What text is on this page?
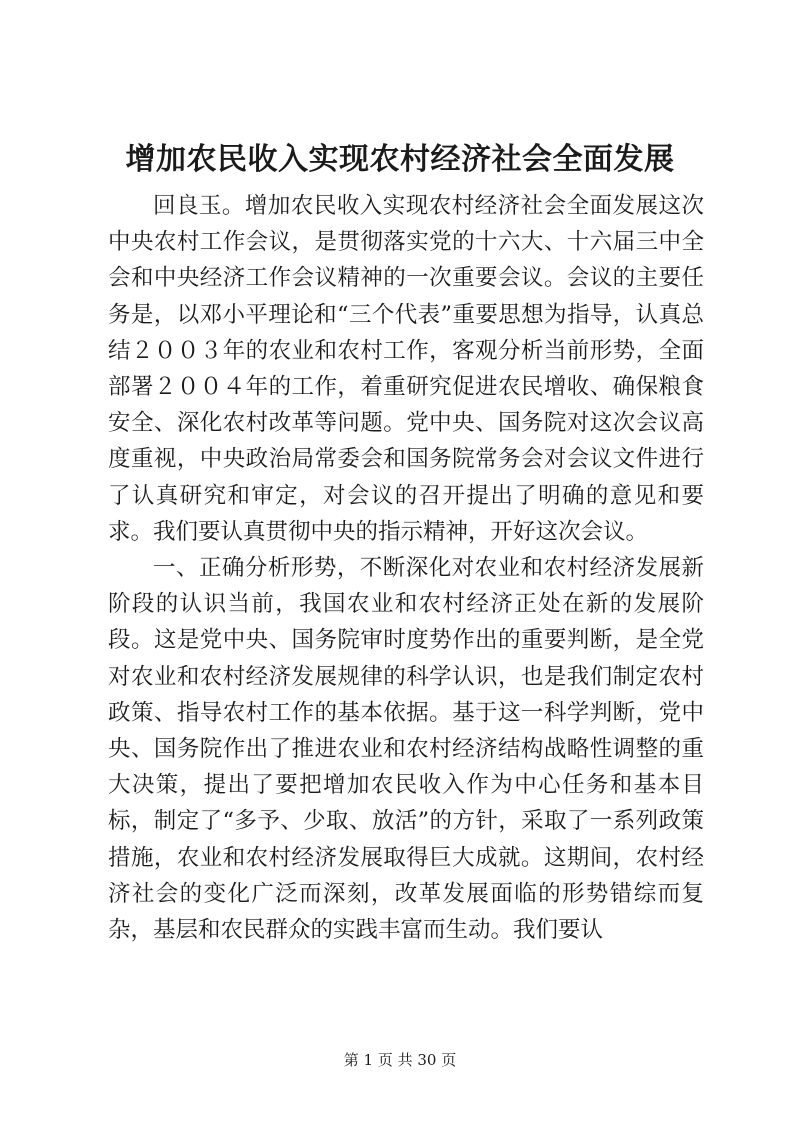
增加农民收入实现农村经济社会全面发展

回良玉。增加农民收入实现农村经济社会全面发展这次中央农村工作会议，是贯彻落实党的十六大、十六届三中全会和中央经济工作会议精神的一次重要会议。会议的主要任务是，以邓小平理论和“三个代表”重要思想为指导，认真总结２００３年的农业和农村工作，客观分析当前形势，全面部署２００４年的工作，着重研究促进农民增收、确保粮食安全、深化农村改革等问题。党中央、国务院对这次会议高度重视，中央政治局常委会和国务院常务会对会议文件进行了认真研究和审定，对会议的召开提出了明确的意见和要求。我们要认真贯彻中央的指示精神，开好这次会议。

一、正确分析形势，不断深化对农业和农村经济发展新阶段的认识当前，我国农业和农村经济正处在新的发展阶段。这是党中央、国务院审时度势作出的重要判断，是全党对农业和农村经济发展规律的科学认识，也是我们制定农村政策、指导农村工作的基本依据。基于这一科学判断，党中央、国务院作出了推进农业和农村经济结构战略性调整的重大决策，提出了要把增加农民收入作为中心任务和基本目标，制定了“多予、少取、放活”的方针，采取了一系列政策措施，农业和农村经济发展取得巨大成就。这期间，农村经济社会的变化广泛而深刻，改革发展面临的形势错综而复杂，基层和农民群众的实践丰富而生动。我们要认

第 1 页 共 30 页
